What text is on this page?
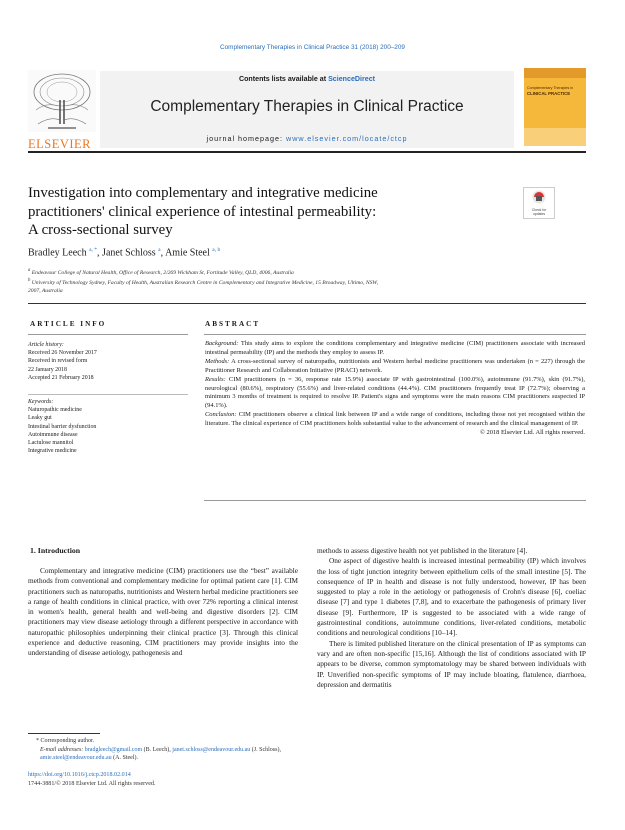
Complementary Therapies in Clinical Practice 31 (2018) 200–209
ELSEVIER
Contents lists available at ScienceDirect
Complementary Therapies in Clinical Practice
journal homepage: www.elsevier.com/locate/ctcp
Complementary Therapies in
CLINICAL PRACTICE
Investigation into complementary and integrative medicine
practitioners' clinical experience of intestinal permeability:
A cross-sectional survey
Check for
updates
Bradley Leech $^{a, *}$, Janet Schloss $^a$, Amie Steel $^{a, b}$
$^a$ Endeavour College of Natural Health, Office of Research, 2/269 Wickham St, Fortitude Valley, QLD, 4006, Australia
$^b$ University of Technology Sydney, Faculty of Health, Australian Research Centre in Complementary and Integrative Medicine, 15 Broadway, Ultimo, NSW,
2007, Australia
ARTICLE INFO
Article history:
Received 26 November 2017
Received in revised form
22 January 2018
Accepted 21 February 2018
Keywords:
Naturopathic medicine
Leaky gut
Intestinal barrier dysfunction
Autoimmune disease
Lactulose mannitol
Integrative medicine
ABSTRACT
Background: This study aims to explore the conditions complementary and integrative medicine (CIM) practitioners associate with increased intestinal permeability (IP) and the methods they employ to assess IP.
Methods: A cross-sectional survey of naturopaths, nutritionists and Western herbal medicine practitioners was undertaken (n = 227) through the Practitioner Research and Collaboration Initiative (PRACI) network.
Results: CIM practitioners (n = 36, response rate 15.9%) associate IP with gastrointestinal (100.0%), autoimmune (91.7%), skin (91.7%), neurological (80.6%), respiratory (55.6%) and liver-related conditions (44.4%). CIM practitioners frequently treat IP (72.7%); observing a minimum 3 months of treatment is required to resolve IP. Patient's signs and symptoms were the main reasons CIM practitioners suspected IP (94.1%).
Conclusion: CIM practitioners observe a clinical link between IP and a wide range of conditions, including those not yet recognised within the literature. The clinical experience of CIM practitioners holds substantial value to the advancement of research and the clinical management of IP.
© 2018 Elsevier Ltd. All rights reserved.
1. Introduction

Complementary and integrative medicine (CIM) practitioners use the “best” available methods from conventional and complementary medicine for optimal patient care [1]. CIM practitioners such as naturopaths, nutritionists and Western herbal medicine practitioners see a range of health conditions in clinical practice, with over 72% reporting a clinical interest in women's health, general health and well-being and digestive disorders [2]. CIM practitioners may view disease aetiology through a different perspective in accordance with naturopathic philosophies underpinning their clinical practice [3]. Through this clinical experience and deductive reasoning, CIM practitioners may provide insights into the understanding of disease aetiology, pathogenesis and

methods to assess digestive health not yet published in the literature [4].

One aspect of digestive health is increased intestinal permeability (IP) which involves the loss of tight junction integrity between epithelium cells of the small intestine [5]. The consequence of IP in health and disease is not fully understood, however, IP has been suggested to play a role in the aetiology or pathogenesis of Crohn's disease [6], coeliac disease [7] and type 1 diabetes [7,8], and to exacerbate the pathogenesis of primary liver disease [9]. Furthermore, IP is suggested to be associated with a wide range of gastrointestinal conditions, autoimmune conditions, liver-related conditions, metabolic conditions and neurological conditions [10–14].

There is limited published literature on the clinical presentation of IP as symptoms can vary and are often non-specific [15,16]. Although the list of conditions associated with IP appears to be diverse, common symptomatology may be shared between individuals with IP. Unverified non-specific symptoms of IP may include bloating, flatulence, diarrhoea, depression and dermatitis

* Corresponding author.
E-mail addresses: bradgleech@gmail.com (B. Leech), janet.schloss@endeavour.edu.au (J. Schloss), amie.steel@endeavour.edu.au (A. Steel).
https://doi.org/10.1016/j.ctcp.2018.02.014
1744-3881/© 2018 Elsevier Ltd. All rights reserved.
